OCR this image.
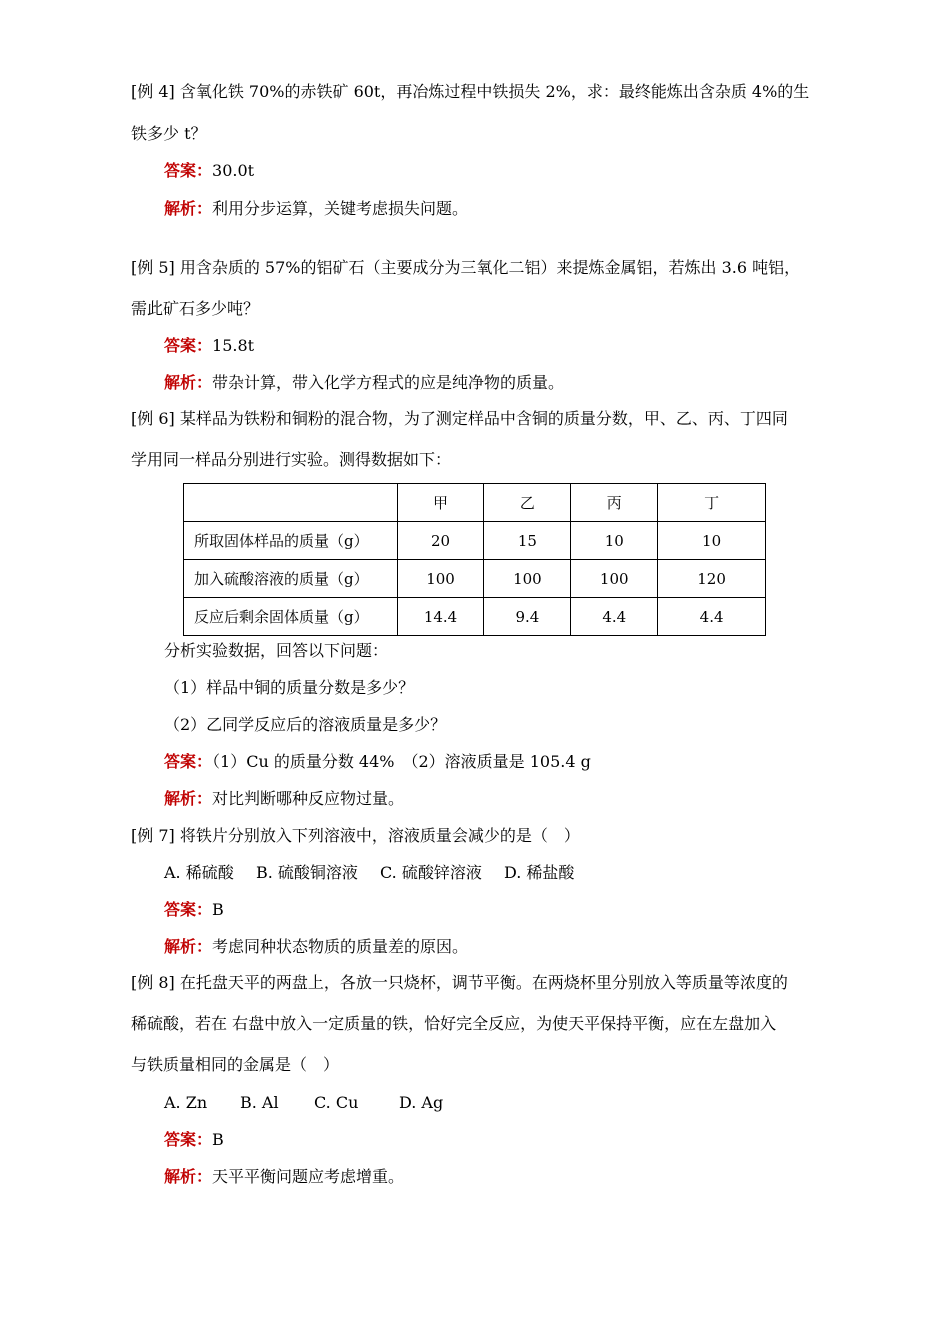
[例 4] 含氧化铁 70%的赤铁矿 60t，再冶炼过程中铁损失 2%，求：最终能炼出含杂质 4%的生
铁多少 t？
答案：30.0t
解析：利用分步运算，关键考虑损失问题。
[例 5] 用含杂质的 57%的铝矿石（主要成分为三氧化二铝）来提炼金属铝，若炼出 3.6 吨铝，
需此矿石多少吨？
答案：15.8t
解析：带杂计算，带入化学方程式的应是纯净物的质量。
[例 6] 某样品为铁粉和铜粉的混合物，为了测定样品中含铜的质量分数，甲、乙、丙、丁四同
学用同一样品分别进行实验。测得数据如下：
	甲	乙	丙	丁
所取固体样品的质量（g）	20	15	10	10
加入硫酸溶液的质量（g）	100	100	100	120
反应后剩余固体质量（g）	14.4	9.4	4.4	4.4
分析实验数据，回答以下问题：
（1）样品中铜的质量分数是多少？
（2）乙同学反应后的溶液质量是多少？
答案：（1）Cu 的质量分数 44%　（2）溶液质量是 105.4 g
解析：对比判断哪种反应物过量。
[例 7] 将铁片分别放入下列溶液中，溶液质量会减少的是（　）
A. 稀硫酸 B. 硫酸铜溶液 C. 硫酸锌溶液 D. 稀盐酸
答案：B
解析：考虑同种状态物质的质量差的原因。
[例 8] 在托盘天平的两盘上，各放一只烧杯，调节平衡。在两烧杯里分别放入等质量等浓度的
稀硫酸，若在 右盘中放入一定质量的铁，恰好完全反应，为使天平保持平衡，应在左盘加入
与铁质量相同的金属是（　）
A. Zn B. Al C. Cu	D. Ag
答案：B
解析：天平平衡问题应考虑增重。
